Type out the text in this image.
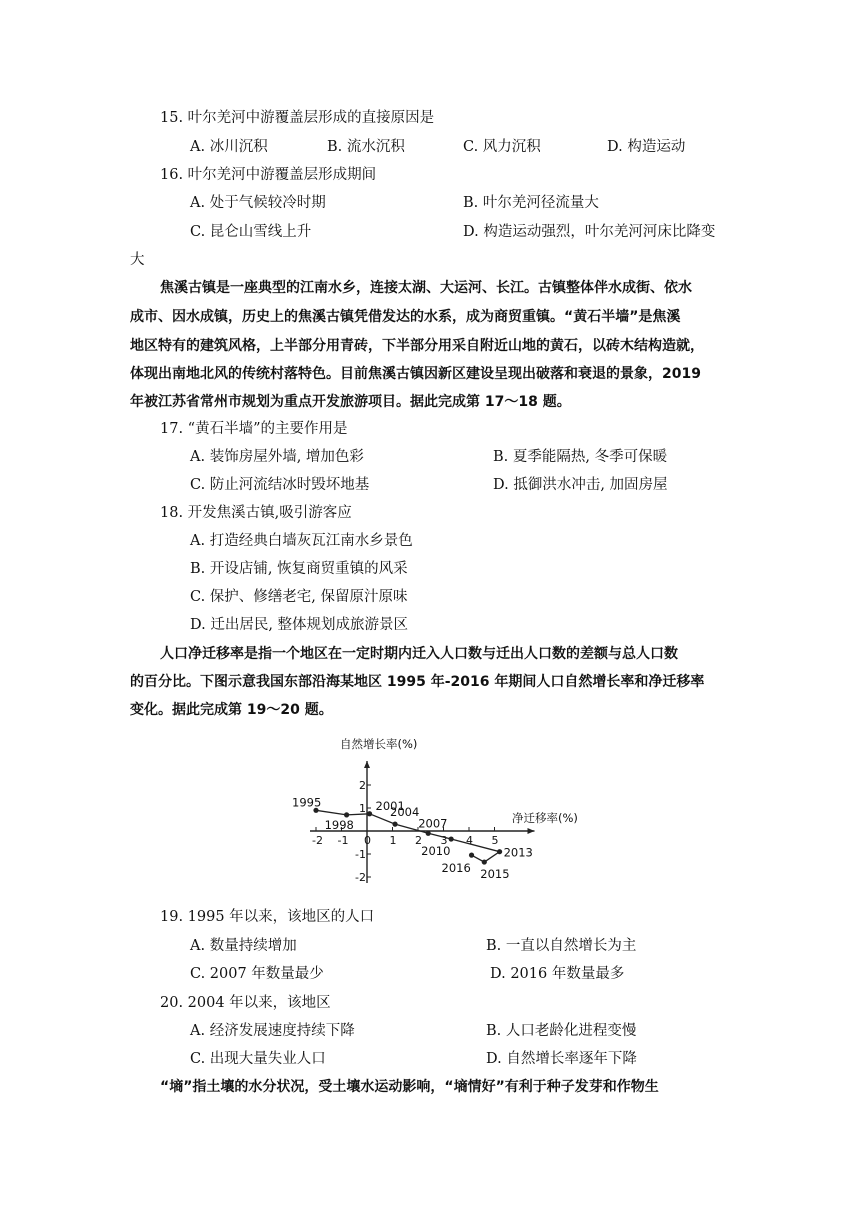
15. 叶尔羌河中游覆盖层形成的直接原因是
A. 冰川沉积	B. 流水沉积	C. 风力沉积	D. 构造运动
16. 叶尔羌河中游覆盖层形成期间
A. 处于气候较冷时期	B. 叶尔羌河径流量大
C. 昆仑山雪线上升	D. 构造运动强烈，叶尔羌河河床比降变
大
焦溪古镇是一座典型的江南水乡，连接太湖、大运河、长江。古镇整体伴水成街、依水
成市、因水成镇，历史上的焦溪古镇凭借发达的水系，成为商贸重镇。“黄石半墙”是焦溪
地区特有的建筑风格，上半部分用青砖，下半部分用采自附近山地的黄石，以砖木结构造就，
体现出南地北风的传统村落特色。目前焦溪古镇因新区建设呈现出破落和衰退的景象，2019
年被江苏省常州市规划为重点开发旅游项目。据此完成第 17～18 题。
17. “黄石半墙”的主要作用是
A. 装饰房屋外墙, 增加色彩	B. 夏季能隔热, 冬季可保暖
C. 防止河流结冰时毁坏地基	D. 抵御洪水冲击, 加固房屋
18. 开发焦溪古镇,吸引游客应
A. 打造经典白墙灰瓦江南水乡景色
B. 开设店铺, 恢复商贸重镇的风采
C. 保护、修缮老宅, 保留原汁原味
D. 迁出居民, 整体规划成旅游景区
人口净迁移率是指一个地区在一定时期内迁入人口数与迁出人口数的差额与总人口数
的百分比。下图示意我国东部沿海某地区 1995 年-2016 年期间人口自然增长率和净迁移率
变化。据此完成第 19～20 题。
自然增长率(%)
净迁移率(%)
-2 -1 0 1 2 3 4 5
2
1
-1
-2
1995
1998
2001
2004
2007
2010	2013
2015
2016
19. 1995 年以来，该地区的人口
A. 数量持续增加	B. 一直以自然增长为主
C. 2007 年数量最少	D. 2016 年数量最多
20. 2004 年以来，该地区
A. 经济发展速度持续下降	B. 人口老龄化进程变慢
C. 出现大量失业人口	D. 自然增长率逐年下降
“墒”指土壤的水分状况，受土壤水运动影响，“墒情好”有利于种子发芽和作物生
